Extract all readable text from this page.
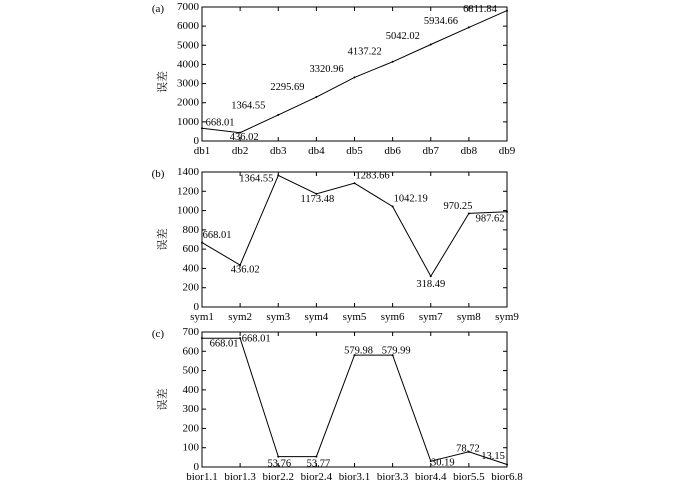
0
1000
2000
3000
4000
5000
6000
7000
db1 db2 db3 db4 db5 db6 db7 db8 db9
668.01
436.02
1364.55
2295.69
3320.96
4137.22
5042.02
5934.66
6811.84
(a)
误差
0
200
400
600
800
1000
1200
1400
sym1 sym2 sym3 sym4 sym5 sym6 sym7 sym8 sym9
668.01
436.02
1364.55
1173.48
1283.66
1042.19
318.49
970.25
987.62
(b)
误差
0
100
200
300
400
500
600
700
bior1.1 bior1.3 bior2.2 bior2.4 bior3.1 bior3.3 bior4.4 bior5.5 bior6.8
668.01 668.01
53.76 53.77
579.98 579.99
30.19
78.72
13.15
(c)
误差
